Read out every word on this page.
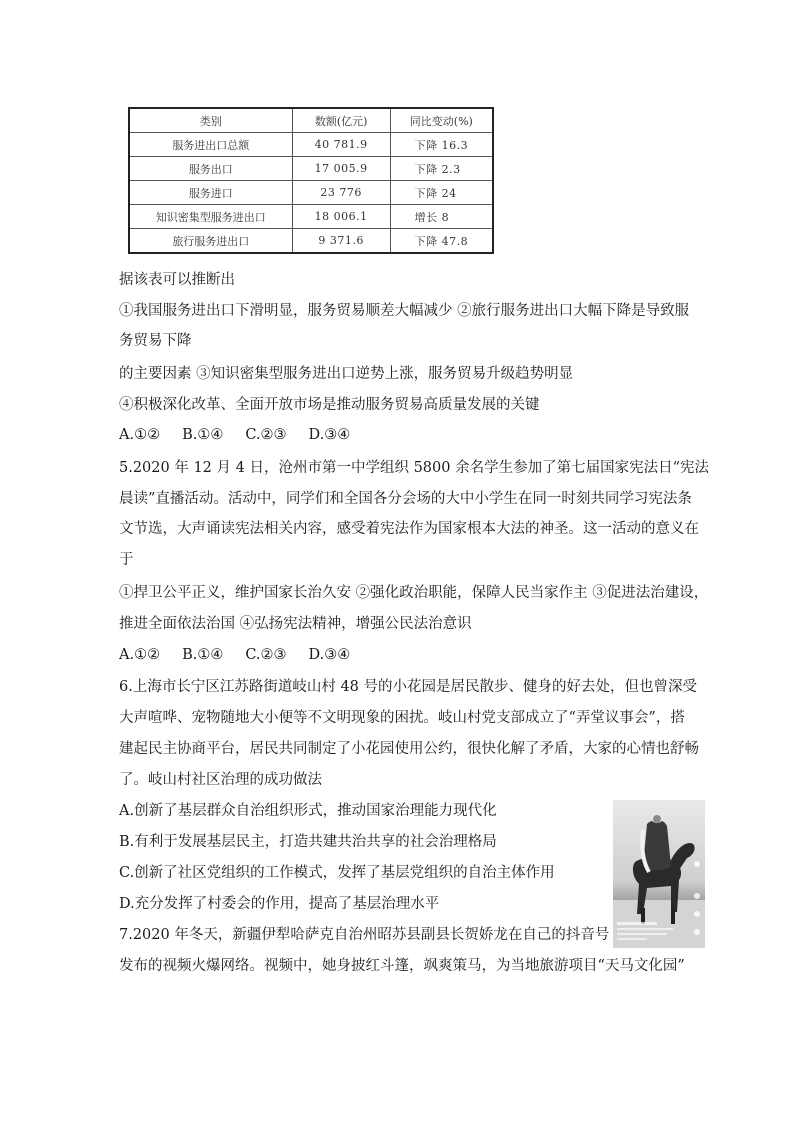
类别	数额(亿元)	同比变动(%)
服务进出口总额	40 781.9	下降 16.3
服务出口	17 005.9	下降 2.3
服务进口	23 776	下降 24
知识密集型服务进出口	18 006.1	增长 8
旅行服务进出口	9 371.6	下降 47.8
据该表可以推断出
①我国服务进出口下滑明显，服务贸易顺差大幅减少 ②旅行服务进出口大幅下降是导致服
务贸易下降
的主要因素 ③知识密集型服务进出口逆势上涨，服务贸易升级趋势明显
④积极深化改革、全面开放市场是推动服务贸易高质量发展的关键
A.①② B.①④ C.②③ D.③④
5.2020 年 12 月 4 日，沧州市第一中学组织 5800 余名学生参加了第七届国家宪法日“宪法
晨读”直播活动。活动中，同学们和全国各分会场的大中小学生在同一时刻共同学习宪法条
文节选，大声诵读宪法相关内容，感受着宪法作为国家根本大法的神圣。这一活动的意义在
于
①捍卫公平正义，维护国家长治久安 ②强化政治职能，保障人民当家作主 ③促进法治建设，
推进全面依法治国 ④弘扬宪法精神，增强公民法治意识
A.①② B.①④ C.②③ D.③④
6.上海市长宁区江苏路街道岐山村 48 号的小花园是居民散步、健身的好去处，但也曾深受
大声喧哗、宠物随地大小便等不文明现象的困扰。岐山村党支部成立了“弄堂议事会”，搭
建起民主协商平台，居民共同制定了小花园使用公约，很快化解了矛盾，大家的心情也舒畅
了。岐山村社区治理的成功做法
A.创新了基层群众自治组织形式，推动国家治理能力现代化
B.有利于发展基层民主，打造共建共治共享的社会治理格局
C.创新了社区党组织的工作模式，发挥了基层党组织的自治主体作用
D.充分发挥了村委会的作用，提高了基层治理水平
7.2020 年冬天，新疆伊犁哈萨克自治州昭苏县副县长贺娇龙在自己的抖音号
发布的视频火爆网络。视频中，她身披红斗篷，飒爽策马，为当地旅游项目“天马文化园”
